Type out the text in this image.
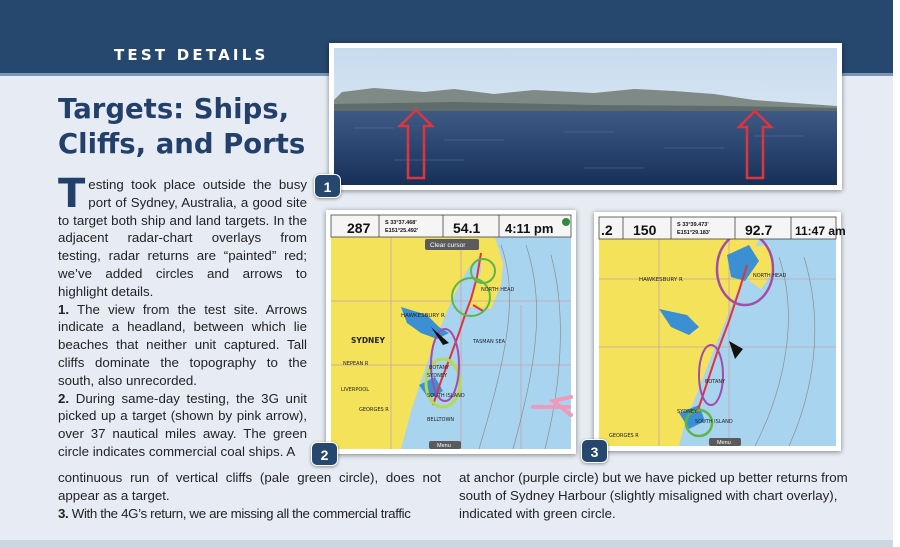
TEST DETAILS
Targets: Ships,
Cliffs, and Ports

Testing took place outside the busy port of Sydney, Australia, a good site to target both ship and land targets. In the adjacent radar-chart overlays from testing, radar returns are “painted” red; we’ve added circles and arrows to highlight details.

1. The view from the test site. Arrows indicate a headland, between which lie beaches that neither unit captured. Tall cliffs dominate the topography to the south, also unrecorded.

2. During same-day testing, the 3G unit picked up a target (shown by pink arrow), over 37 nautical miles away. The green circle indicates commercial coal ships. A

continuous run of vertical cliffs (pale green circle), does not appear as a target.

3. With the 4G’s return, we are missing all the commercial traffic

at anchor (purple circle) but we have picked up better returns from south of Sydney Harbour (slightly misaligned with chart overlay), indicated with green circle.

HAWKESBURY R
NORTH HEAD
SYDNEY
NEPEAN R
LIVERPOOL
GEORGES R
BOTANY
SYDNEY
SOUTH ISLAND
BELLTOWN
TASMAN SEA
287	S 33°37.468'
E151°25.492' 54.1 4:11 pm
Clear cursor
Menu
HAWKESBURY R
NORTH HEAD
SYDNEY
SOUTH ISLAND
GEORGES R
BOTANY
.2 150	S 33°39.473'
E151°29.183' 92.7 11:47 am
Menu
1
2	3
